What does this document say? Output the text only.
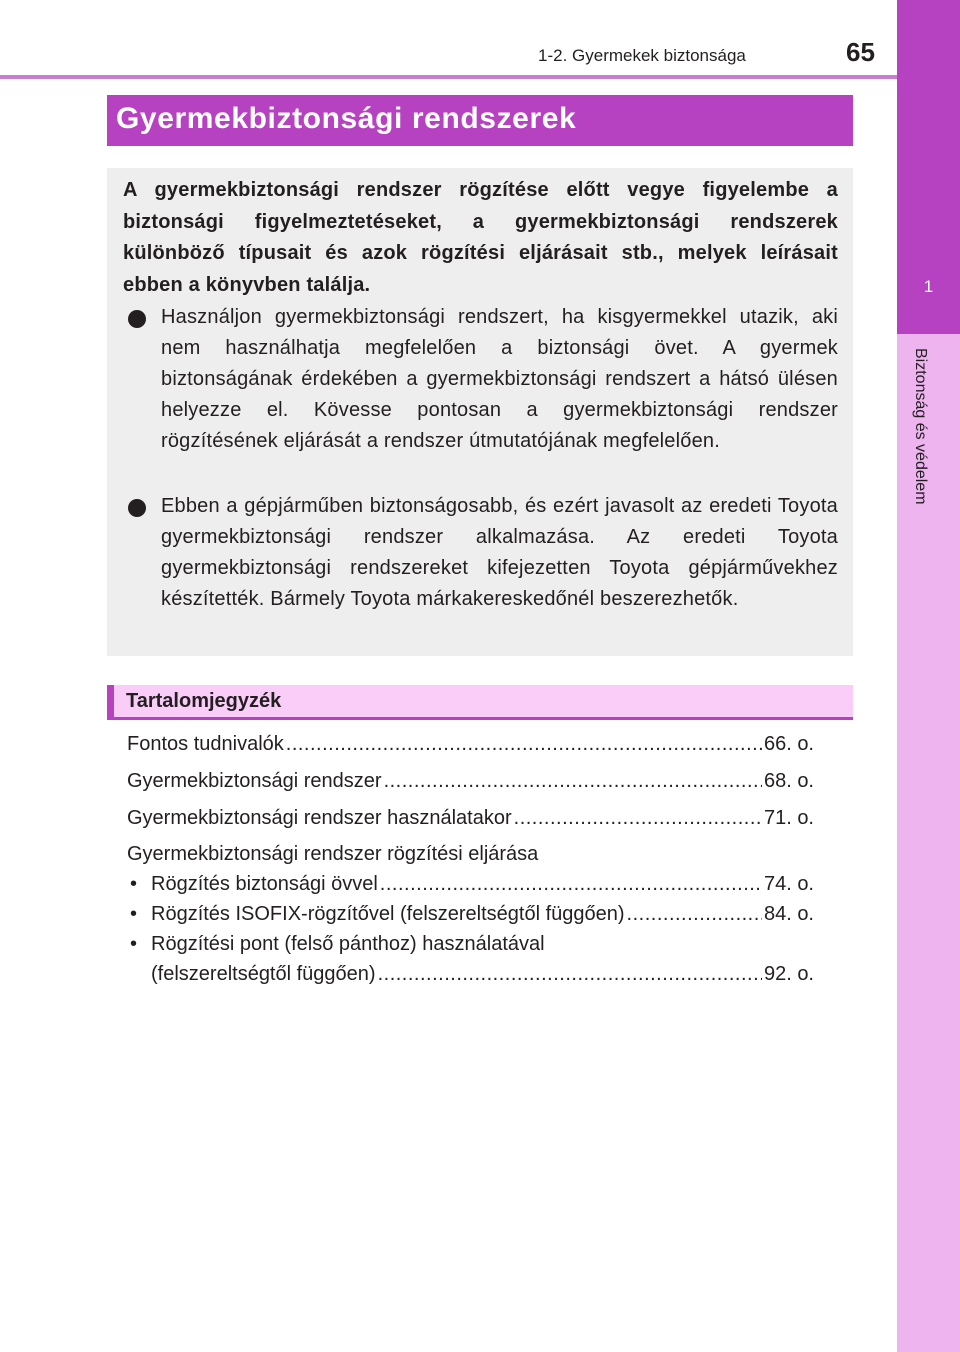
1
Biztonság és védelem
1-2. Gyermekek biztonsága	65
Gyermekbiztonsági rendszerek
A gyermekbiztonsági rendszer rögzítése előtt vegye figyelembe a biztonsági figyelmeztetéseket, a gyermekbiztonsági rendszerek különböző típusait és azok rögzítési eljárásait stb., melyek leírásait ebben a könyvben találja.
Használjon gyermekbiztonsági rendszert, ha kisgyermekkel utazik, aki nem használhatja megfelelően a biztonsági övet. A gyermek biztonságának érdekében a gyermekbiztonsági rendszert a hátsó ülésen helyezze el. Kövesse pontosan a gyermekbiztonsági rendszer rögzítésének eljárását a rendszer útmutatójának megfelelően.
Ebben a gépjárműben biztonságosabb, és ezért javasolt az eredeti Toyota gyermekbiztonsági rendszer alkalmazása. Az eredeti Toyota gyermekbiztonsági rendszereket kifejezetten Toyota gépjárművekhez készítették. Bármely Toyota márkakereskedőnél beszerezhetők.
Tartalomjegyzék
Fontos tudnivalók .....	66. o.
Gyermekbiztonsági rendszer .....	68. o.
Gyermekbiztonsági rendszer használatakor .....	71. o.
Gyermekbiztonsági rendszer rögzítési eljárása
• Rögzítés biztonsági övvel .....	74. o.
• Rögzítés ISOFIX-rögzítővel (felszereltségtől függően) .....	84. o.
• Rögzítési pont (felső pánthoz) használatával
(felszereltségtől függően) .....	92. o.
